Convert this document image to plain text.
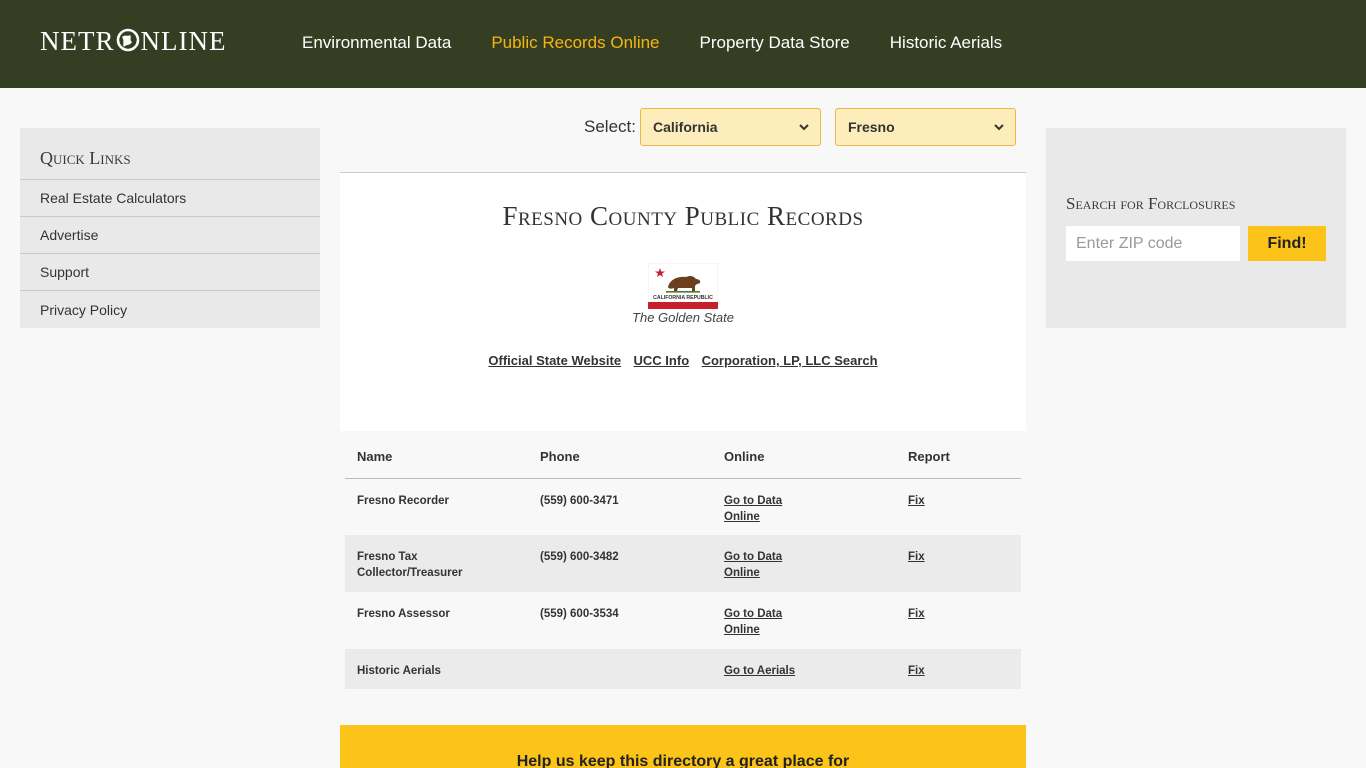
NETR NLINE	Environmental Data Public Records Online Property Data Store Historic Aerials
Quick Links
Real Estate Calculators
Advertise
Support
Privacy Policy
Select: California	Fresno
Fresno County Public Records
CALIFORNIA REPUBLIC
The Golden State
Official State Website UCC Info Corporation, LP, LLC Search
Name	Phone	Online	Report

Fresno Recorder	(559) 600-3471	Go to Data Online	Fix

Fresno Tax Collector/Treasurer	(559) 600-3482	Go to Data Online	Fix

Fresno Assessor	(559) 600-3534	Go to Data Online	Fix

Historic Aerials		Go to Aerials	Fix
Help us keep this directory a great place for
Search for Forclosures
Enter ZIP code	Find!
